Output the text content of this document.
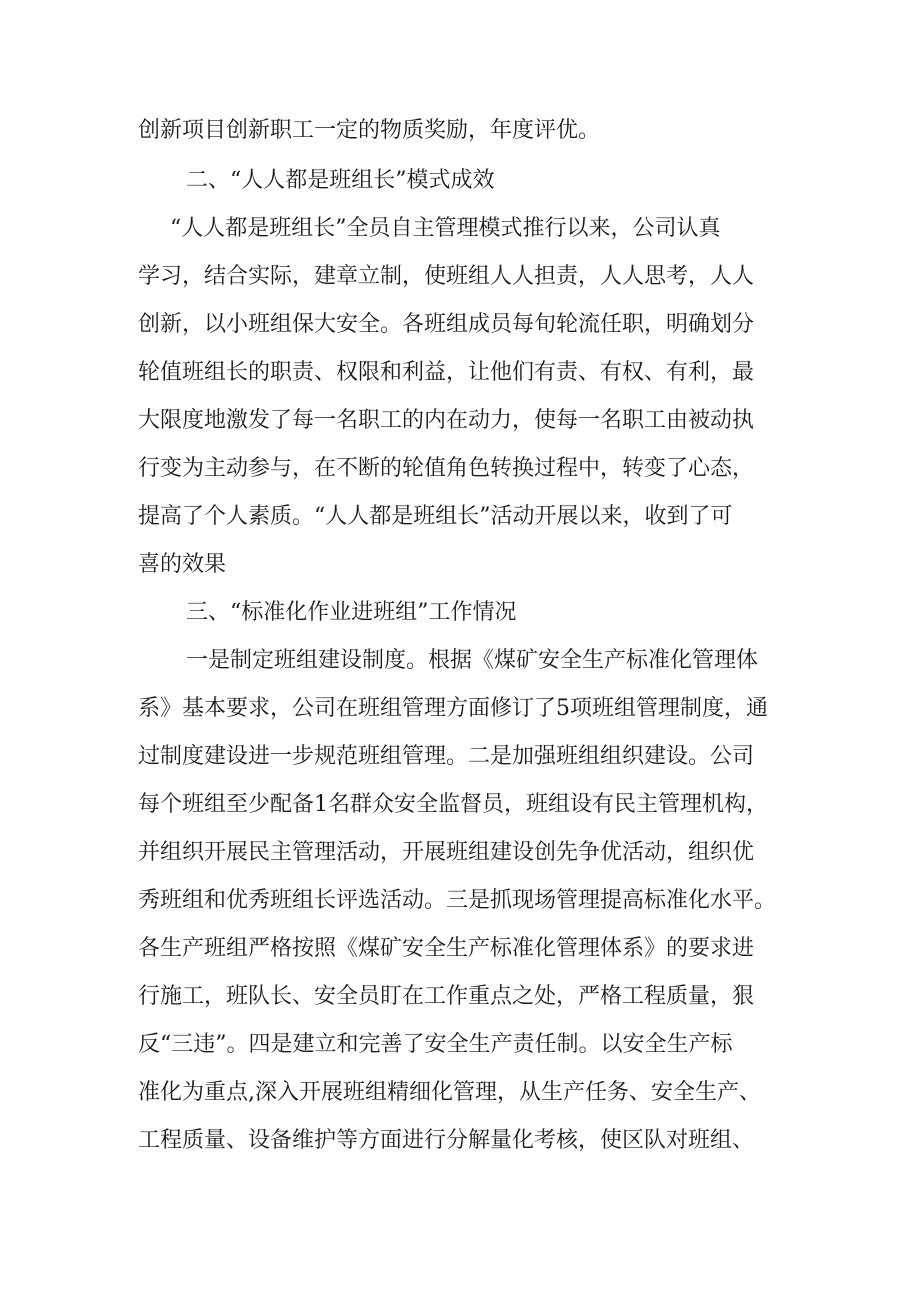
创新项目创新职工一定的物质奖励，年度评优。
二、“人人都是班组长”模式成效
“人人都是班组长”全员自主管理模式推行以来，公司认真
学习，结合实际，建章立制，使班组人人担责，人人思考，人人
创新，以小班组保大安全。各班组成员每旬轮流任职，明确划分
轮值班组长的职责、权限和利益，让他们有责、有权、有利，最
大限度地激发了每一名职工的内在动力，使每一名职工由被动执
行变为主动参与，在不断的轮值角色转换过程中，转变了心态，
提高了个人素质。“人人都是班组长”活动开展以来，收到了可
喜的效果
三、“标准化作业进班组”工作情况
一是制定班组建设制度。根据《煤矿安全生产标准化管理体
系》基本要求，公司在班组管理方面修订了5项班组管理制度，通
过制度建设进一步规范班组管理。二是加强班组组织建设。公司
每个班组至少配备1名群众安全监督员，班组设有民主管理机构，
并组织开展民主管理活动，开展班组建设创先争优活动，组织优
秀班组和优秀班组长评选活动。三是抓现场管理提高标准化水平。
各生产班组严格按照《煤矿安全生产标准化管理体系》的要求进
行施工，班队长、安全员盯在工作重点之处，严格工程质量，狠
反“三违”。四是建立和完善了安全生产责任制。以安全生产标
准化为重点,深入开展班组精细化管理，从生产任务、安全生产、
工程质量、设备维护等方面进行分解量化考核，使区队对班组、
